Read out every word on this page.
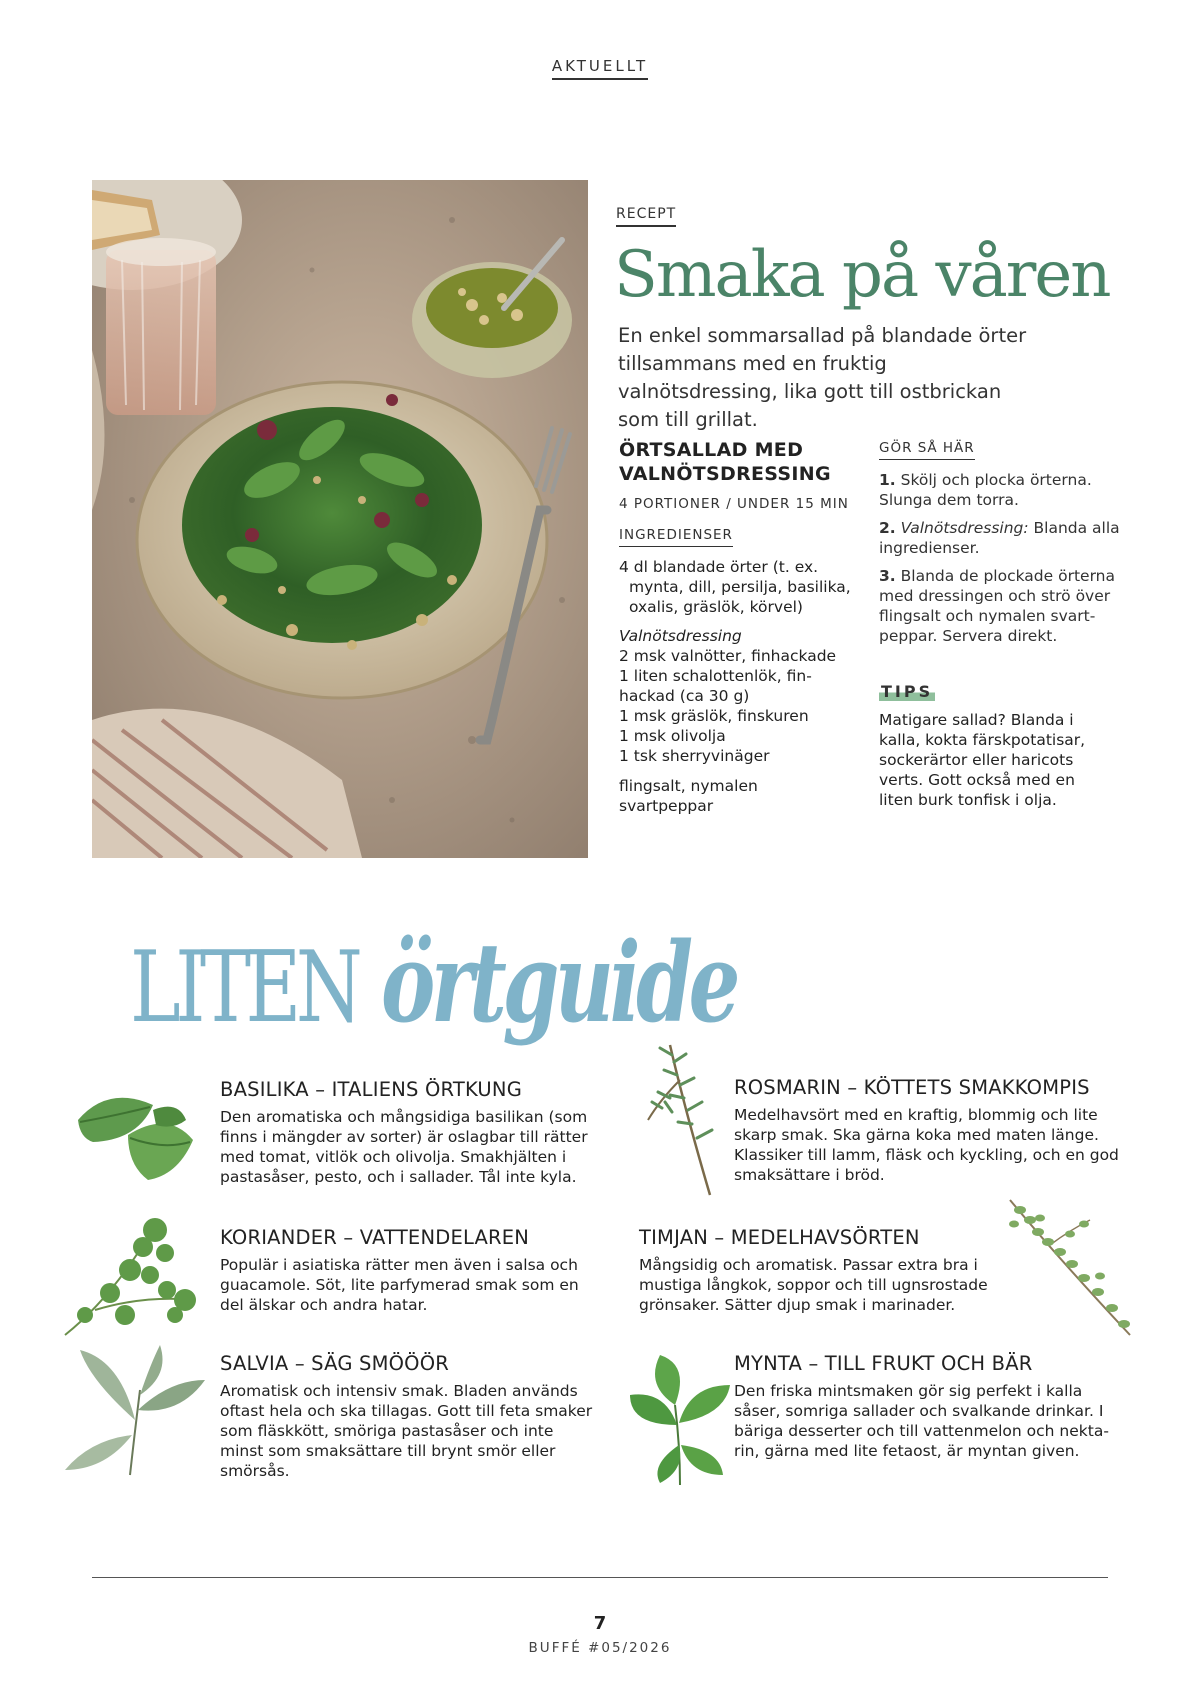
AKTUELLT
RECEPT
Smaka på våren
En enkel sommarsallad på blandade örter tillsammans med en fruktig valnötsdressing, lika gott till ostbrickan som till grillat.
ÖRTSALLAD MED
VALNÖTSDRESSING
4 PORTIONER / UNDER 15 MIN
INGREDIENSER
4 dl blandade örter (t. ex.
mynta, dill, persilja, basilika,
oxalis, gräslök, körvel)
Valnötsdressing
2 msk valnötter, finhackade
1 liten schalottenlök, fin-
hackad (ca 30 g)
1 msk gräslök, finskuren
1 msk olivolja
1 tsk sherryvinäger
flingsalt, nymalen
svartpeppar
GÖR SÅ HÄR

1. Skölj och plocka örterna. Slunga dem torra.

2. Valnötsdressing: Blanda alla ingredienser.

3. Blanda de plockade örterna med dressingen och strö över flingsalt och nymalen svart-peppar. Servera direkt.

TIPS
Matigare sallad? Blanda i kalla, kokta färskpotatisar, sockerärtor eller haricots verts. Gott också med en liten burk tonfisk i olja.
LITEN örtguide
BASILIKA – ITALIENS ÖRTKUNG

Den aromatiska och mångsidiga basilikan (som finns i mängder av sorter) är oslagbar till rätter med tomat, vitlök och olivolja. Smakhjälten i pastasåser, pesto, och i sallader. Tål inte kyla.

ROSMARIN – KÖTTETS SMAKKOMPIS

Medelhavsört med en kraftig, blommig och lite skarp smak. Ska gärna koka med maten länge. Klassiker till lamm, fläsk och kyckling, och en god smaksättare i bröd.

KORIANDER – VATTENDELAREN

Populär i asiatiska rätter men även i salsa och guacamole. Söt, lite parfymerad smak som en del älskar och andra hatar.

TIMJAN – MEDELHAVSÖRTEN

Mångsidig och aromatisk. Passar extra bra i mustiga långkok, soppor och till ugnsrostade grönsaker. Sätter djup smak i marinader.

SALVIA – SÄG SMÖÖÖR

Aromatisk och intensiv smak. Bladen används oftast hela och ska tillagas. Gott till feta smaker som fläskkött, smöriga pastasåser och inte minst som smaksättare till brynt smör eller smörsås.

MYNTA – TILL FRUKT OCH BÄR

Den friska mintsmaken gör sig perfekt i kalla såser, somriga sallader och svalkande drinkar. I bäriga desserter och till vattenmelon och nekta-rin, gärna med lite fetaost, är myntan given.

7
BUFFÉ #05/2026
